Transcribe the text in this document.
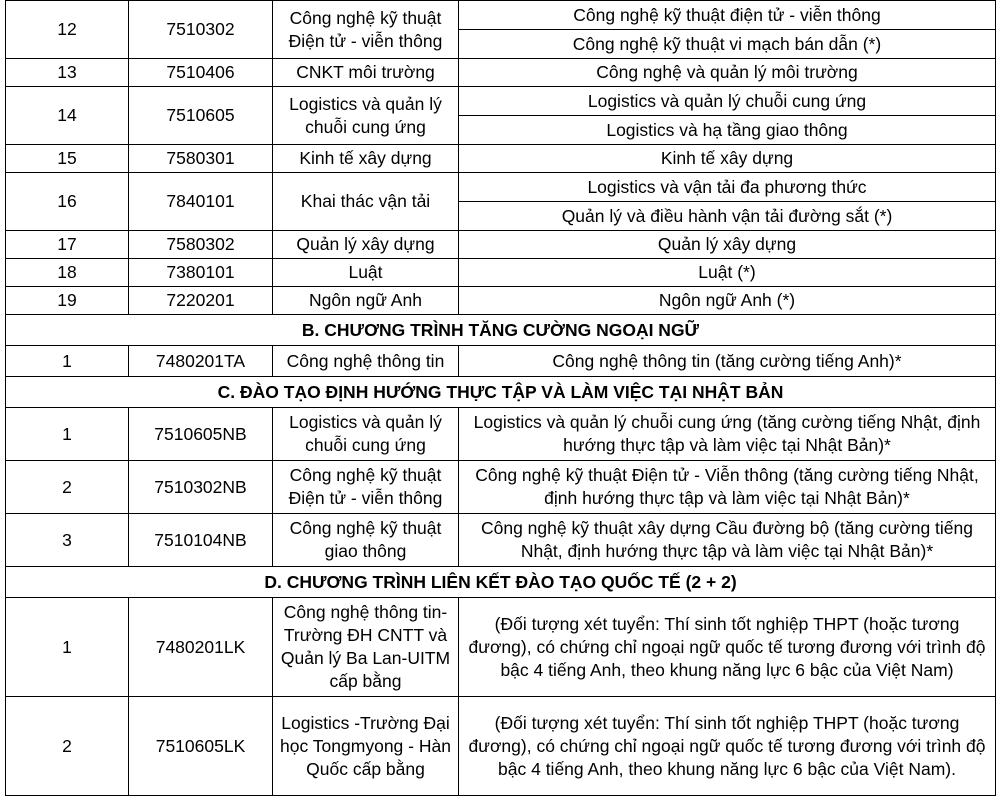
12	7510302	Công nghệ kỹ thuật Điện tử - viễn thông	Công nghệ kỹ thuật điện tử - viễn thông
			Công nghệ kỹ thuật vi mạch bán dẫn (*)
13	7510406	CNKT môi trường	Công nghệ và quản lý môi trường
14	7510605	Logistics và quản lý chuỗi cung ứng	Logistics và quản lý chuỗi cung ứng
			Logistics và hạ tầng giao thông
15	7580301	Kinh tế xây dựng	Kinh tế xây dựng
16	7840101	Khai thác vận tải	Logistics và vận tải đa phương thức
			Quản lý và điều hành vận tải đường sắt (*)
17	7580302	Quản lý xây dựng	Quản lý xây dựng
18	7380101	Luật	Luật (*)
19	7220201	Ngôn ngữ Anh	Ngôn ngữ Anh (*)
B. CHƯƠNG TRÌNH TĂNG CƯỜNG NGOẠI NGỮ			
1	7480201TA	Công nghệ thông tin	Công nghệ thông tin (tăng cường tiếng Anh)*
C. ĐÀO TẠO ĐỊNH HƯỚNG THỰC TẬP VÀ LÀM VIỆC TẠI NHẬT BẢN			
1	7510605NB	Logistics và quản lý chuỗi cung ứng	Logistics và quản lý chuỗi cung ứng (tăng cường tiếng Nhật, định hướng thực tập và làm việc tại Nhật Bản)*
2	7510302NB	Công nghệ kỹ thuật Điện tử - viễn thông	Công nghệ kỹ thuật Điện tử - Viễn thông (tăng cường tiếng Nhật, định hướng thực tập và làm việc tại Nhật Bản)*
3	7510104NB	Công nghệ kỹ thuật giao thông	Công nghệ kỹ thuật xây dựng Cầu đường bộ (tăng cường tiếng Nhật, định hướng thực tập và làm việc tại Nhật Bản)*
D. CHƯƠNG TRÌNH LIÊN KẾT ĐÀO TẠO QUỐC TẾ (2 + 2)			
1	7480201LK	Công nghệ thông tin-Trường ĐH CNTT và Quản lý Ba Lan-UITM cấp bằng	(Đối tượng xét tuyển: Thí sinh tốt nghiệp THPT (hoặc tương đương), có chứng chỉ ngoại ngữ quốc tế tương đương với trình độ bậc 4 tiếng Anh, theo khung năng lực 6 bậc của Việt Nam)
2	7510605LK	Logistics -Trường Đại học Tongmyong - Hàn Quốc cấp bằng	(Đối tượng xét tuyển: Thí sinh tốt nghiệp THPT (hoặc tương đương), có chứng chỉ ngoại ngữ quốc tế tương đương với trình độ bậc 4 tiếng Anh, theo khung năng lực 6 bậc của Việt Nam).
